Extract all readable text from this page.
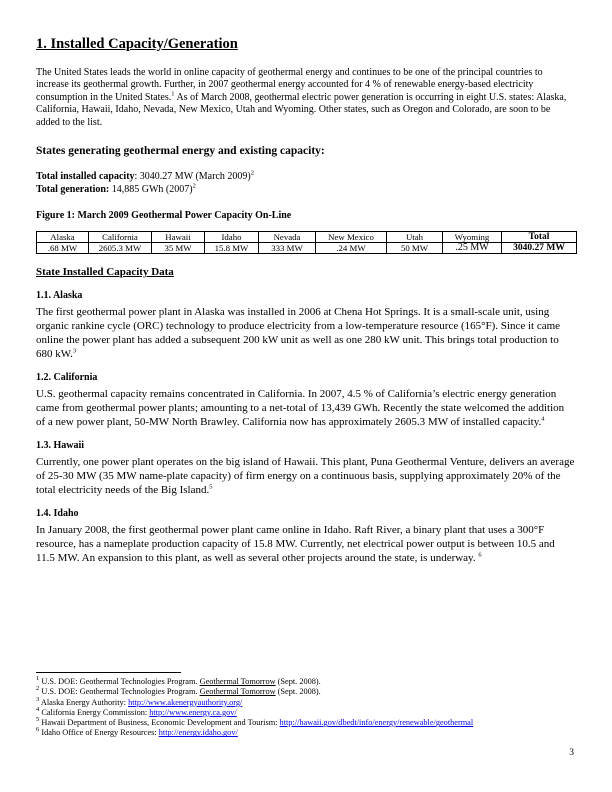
1. Installed Capacity/Generation

The United States leads the world in online capacity of geothermal energy and continues to be one of the principal countries to increase its geothermal growth. Further, in 2007 geothermal energy accounted for 4 % of renewable energy-based electricity consumption in the United States.$^1$ As of March 2008, geothermal electric power generation is occurring in eight U.S. states: Alaska, California, Hawaii, Idaho, Nevada, New Mexico, Utah and Wyoming. Other states, such as Oregon and Colorado, are soon to be added to the list.

States generating geothermal energy and existing capacity:

Total installed capacity: 3040.27 MW (March 2009)$^2$

Total generation: 14,885 GWh $(2007)^2$

Figure 1: March 2009 Geothermal Power Capacity On-Line
Alaska	California	Hawaii	Idaho	Nevada	New Mexico	Utah	Wyoming	Total
.68 MW	2605.3 MW	35 MW	15.8 MW	333 MW	.24 MW	50 MW	.25 MW	3040.27 MW
State Installed Capacity Data
1.1. Alaska

The first geothermal power plant in Alaska was installed in 2006 at Chena Hot Springs. It is a small-scale unit, using organic rankine cycle (ORC) technology to produce electricity from a low-temperature resource (165°F). Since it came online the power plant has added a subsequent 200 kW unit as well as one 280 kW unit. This brings total production to 680 kW.$^3$

1.2. California

U.S. geothermal capacity remains concentrated in California. In 2007, 4.5 % of California’s electric energy generation came from geothermal power plants; amounting to a net-total of 13,439 GWh. Recently the state welcomed the addition of a new power plant, 50-MW North Brawley. California now has approximately 2605.3 MW of installed capacity.$^4$

1.3. Hawaii

Currently, one power plant operates on the big island of Hawaii. This plant, Puna Geothermal Venture, delivers an average of 25-30 MW (35 MW name-plate capacity) of firm energy on a continuous basis, supplying approximately 20% of the total electricity needs of the Big Island.$^5$

1.4. Idaho

In January 2008, the first geothermal power plant came online in Idaho. Raft River, a binary plant that uses a 300°F resource, has a nameplate production capacity of 15.8 MW. Currently, net electrical power output is between 10.5 and 11.5 MW. An expansion to this plant, as well as several other projects around the state, is underway. $^6$

$^1$ U.S. DOE: Geothermal Technologies Program. Geothermal Tomorrow (Sept. 2008).

$^2$ U.S. DOE: Geothermal Technologies Program. Geothermal Tomorrow (Sept. 2008).

$^3$ Alaska Energy Authority: http://www.akenergyauthority.org/

$^4$ California Energy Commission: http://www.energy.ca.gov/

$^5$ Hawaii Department of Business, Economic Development and Tourism: http://hawaii.gov/dbedt/info/energy/renewable/geothermal

$^6$ Idaho Office of Energy Resources: http://energy.idaho.gov/

3
